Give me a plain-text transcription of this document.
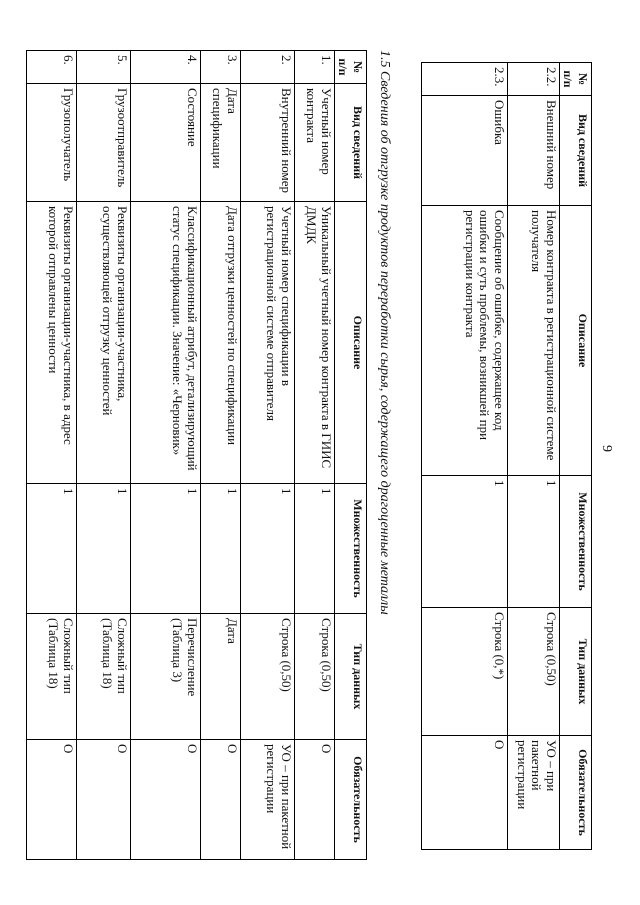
9
№ п/п	Вид сведений	Описание	Множественность	Тип данных	Обязательность
2.2.	Внешний номер	Номер контракта в регистрационной системе получателя	1	Строка (0,50)	УО – при пакетной регистрации
2.3.	Ошибка	Сообщение об ошибке, содержащее код ошибки и суть проблемы, возникшей при регистрации контракта	1	Строка (0,*)	О
1.5 Сведения об отгрузке продуктов переработки сырья, содержащего драгоценные металлы
№ п/п	Вид сведений	Описание	Множественность	Тип данных	Обязательность
1.	Учетный номер контракта	Уникальный учетный номер контракта в ГИИС ДМДК	1	Строка (0,50)	О
2.	Внутренний номер	Учетный номер спецификации в регистрационной системе отправителя	1	Строка (0,50)	УО – при пакетной регистрации
3.	Дата спецификации	Дата отгрузки ценностей по спецификации	1	Дата	О
4.	Состояние	Классификационный атрибут, детализирующий статус спецификации. Значение: «Черновик»	1	Перечисление (Таблица 3)	О
5.	Грузоотправитель	Реквизиты организации-участника, осуществляющей отгрузку ценностей	1	Сложный тип (Таблица 18)	О
6.	Грузополучатель	Реквизиты организации-участника, в адрес которой отправлены ценности	1	Сложный тип (Таблица 18)	О
